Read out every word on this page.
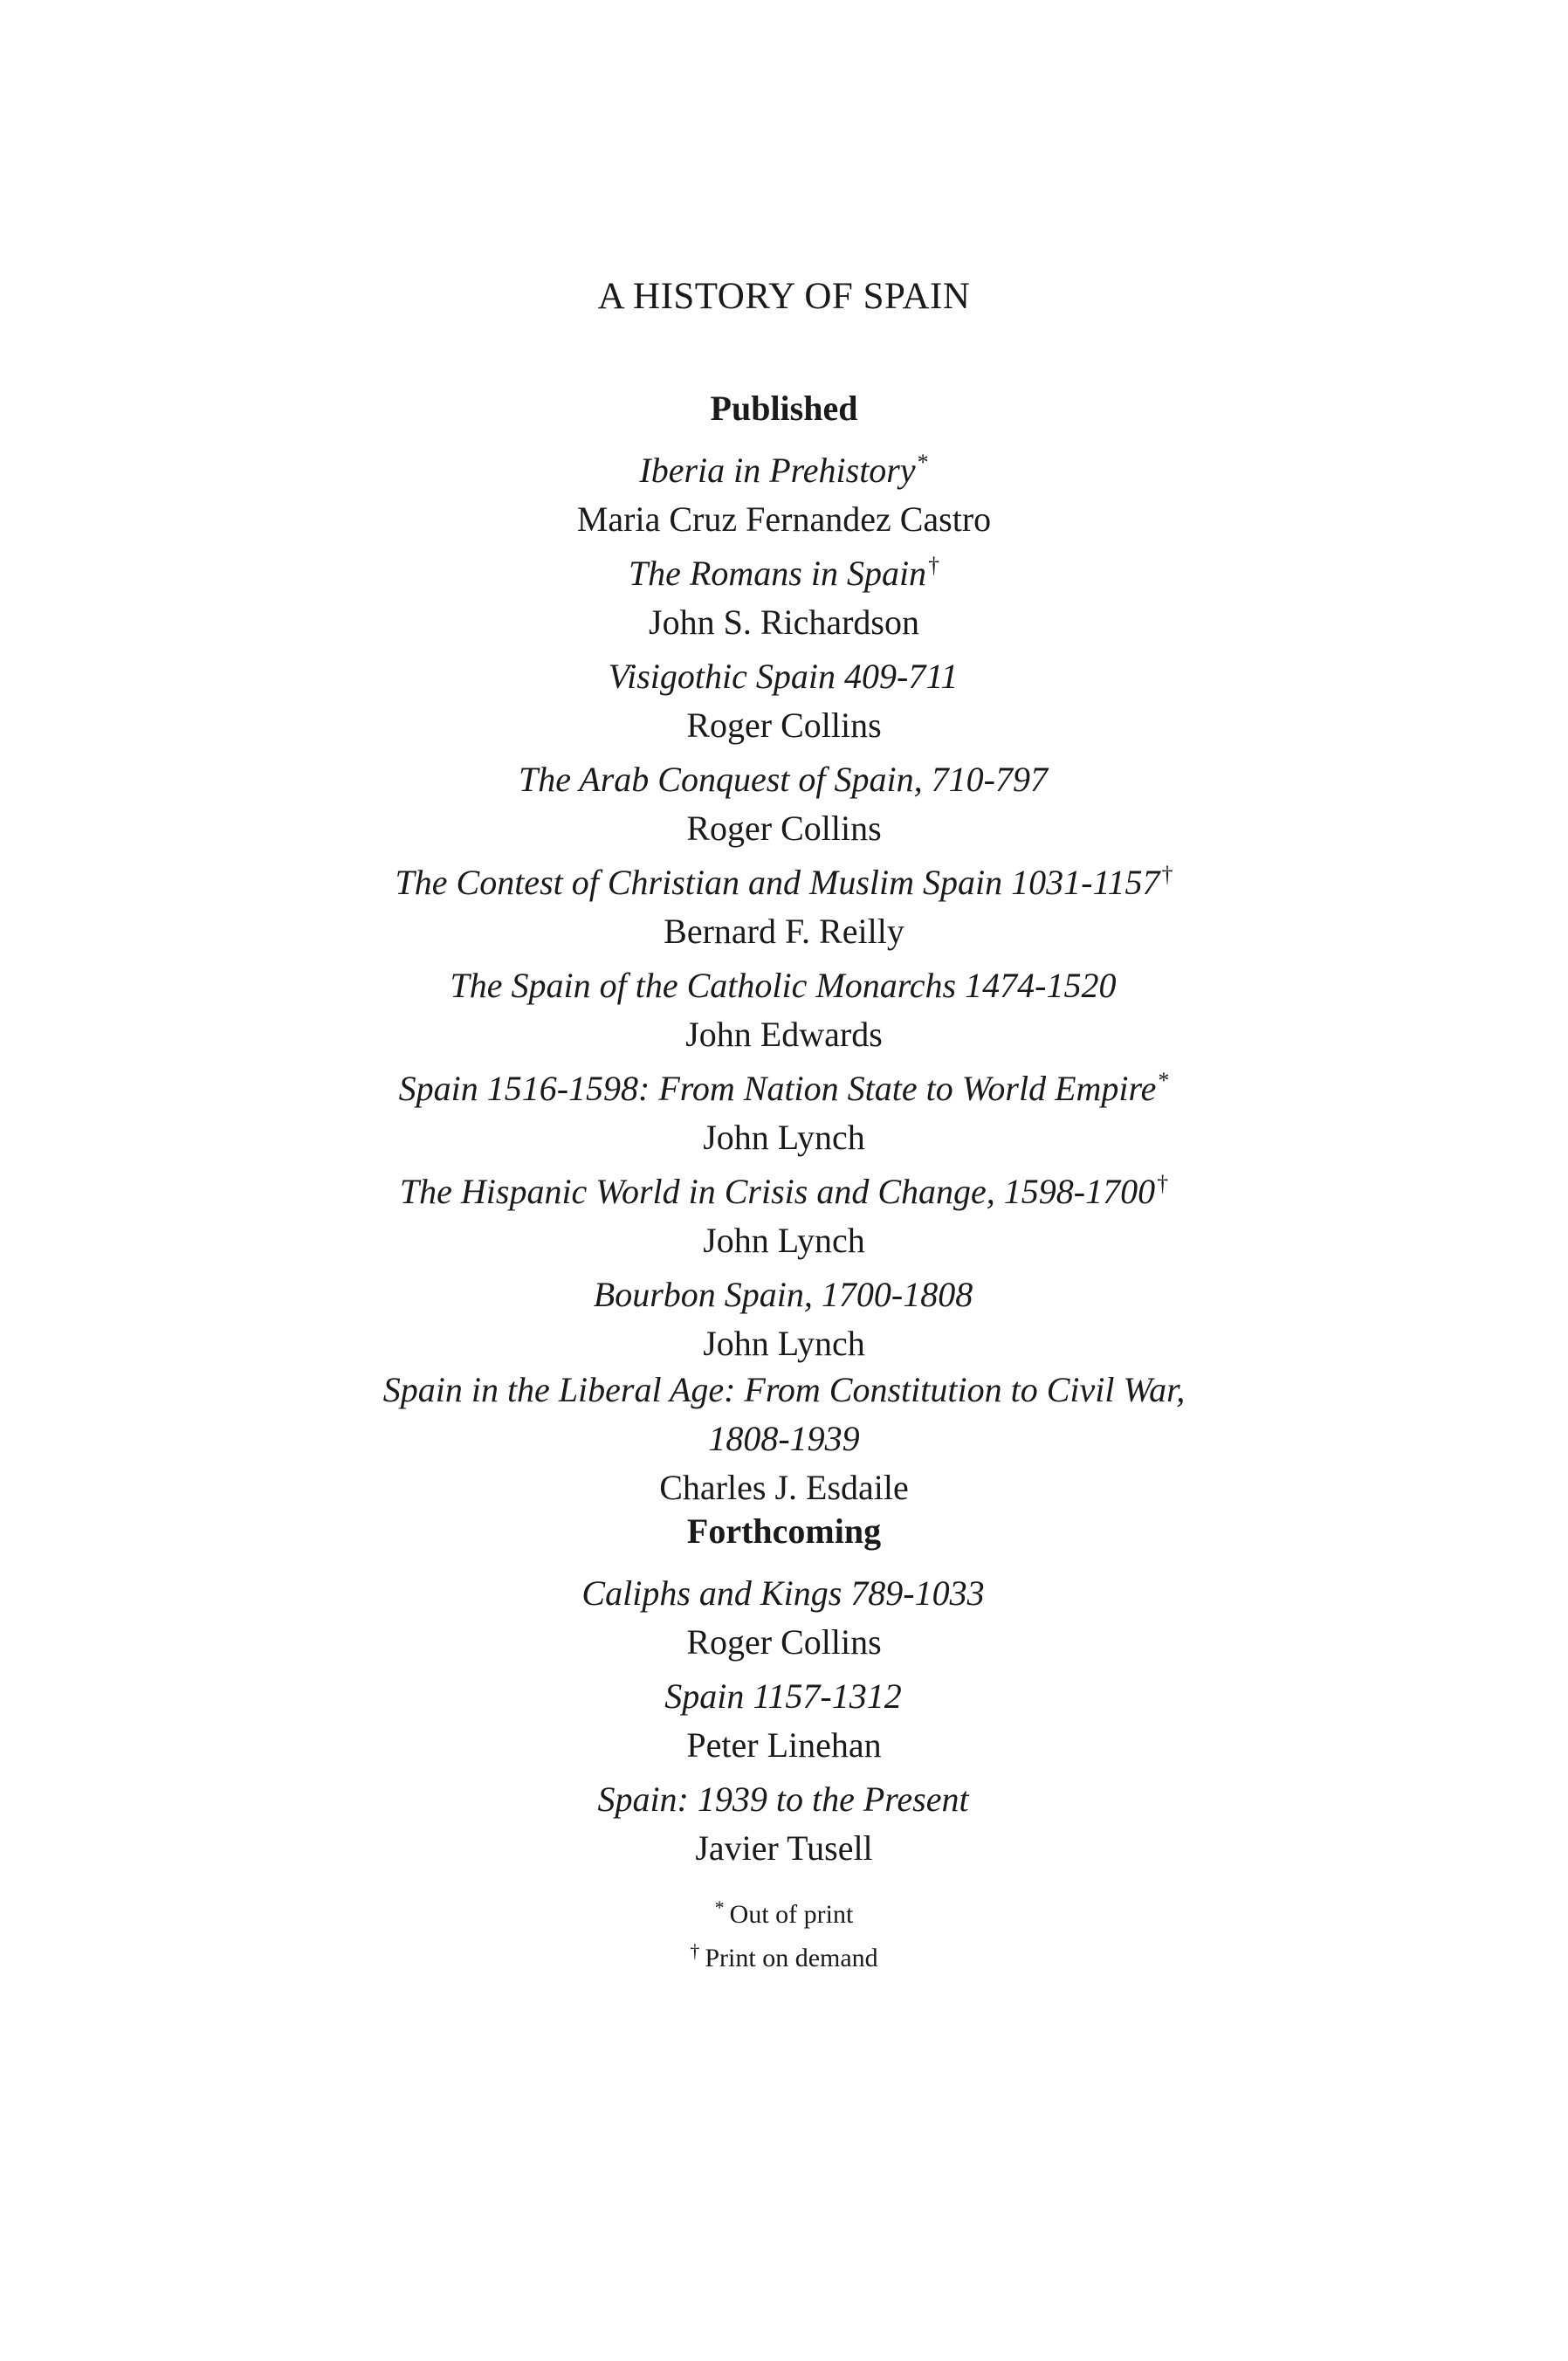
A HISTORY OF SPAIN
Published
Iberia in Prehistory*
Maria Cruz Fernandez Castro
The Romans in Spain†
John S. Richardson
Visigothic Spain 409-711
Roger Collins
The Arab Conquest of Spain, 710-797
Roger Collins
The Contest of Christian and Muslim Spain 1031-1157†
Bernard F. Reilly
The Spain of the Catholic Monarchs 1474-1520
John Edwards
Spain 1516-1598: From Nation State to World Empire*
John Lynch
The Hispanic World in Crisis and Change, 1598-1700†
John Lynch
Bourbon Spain, 1700-1808
John Lynch
Spain in the Liberal Age: From Constitution to Civil War,
1808-1939
Charles J. Esdaile
Forthcoming
Caliphs and Kings 789-1033
Roger Collins
Spain 1157-1312
Peter Linehan
Spain: 1939 to the Present
Javier Tusell
* Out of print
† Print on demand
